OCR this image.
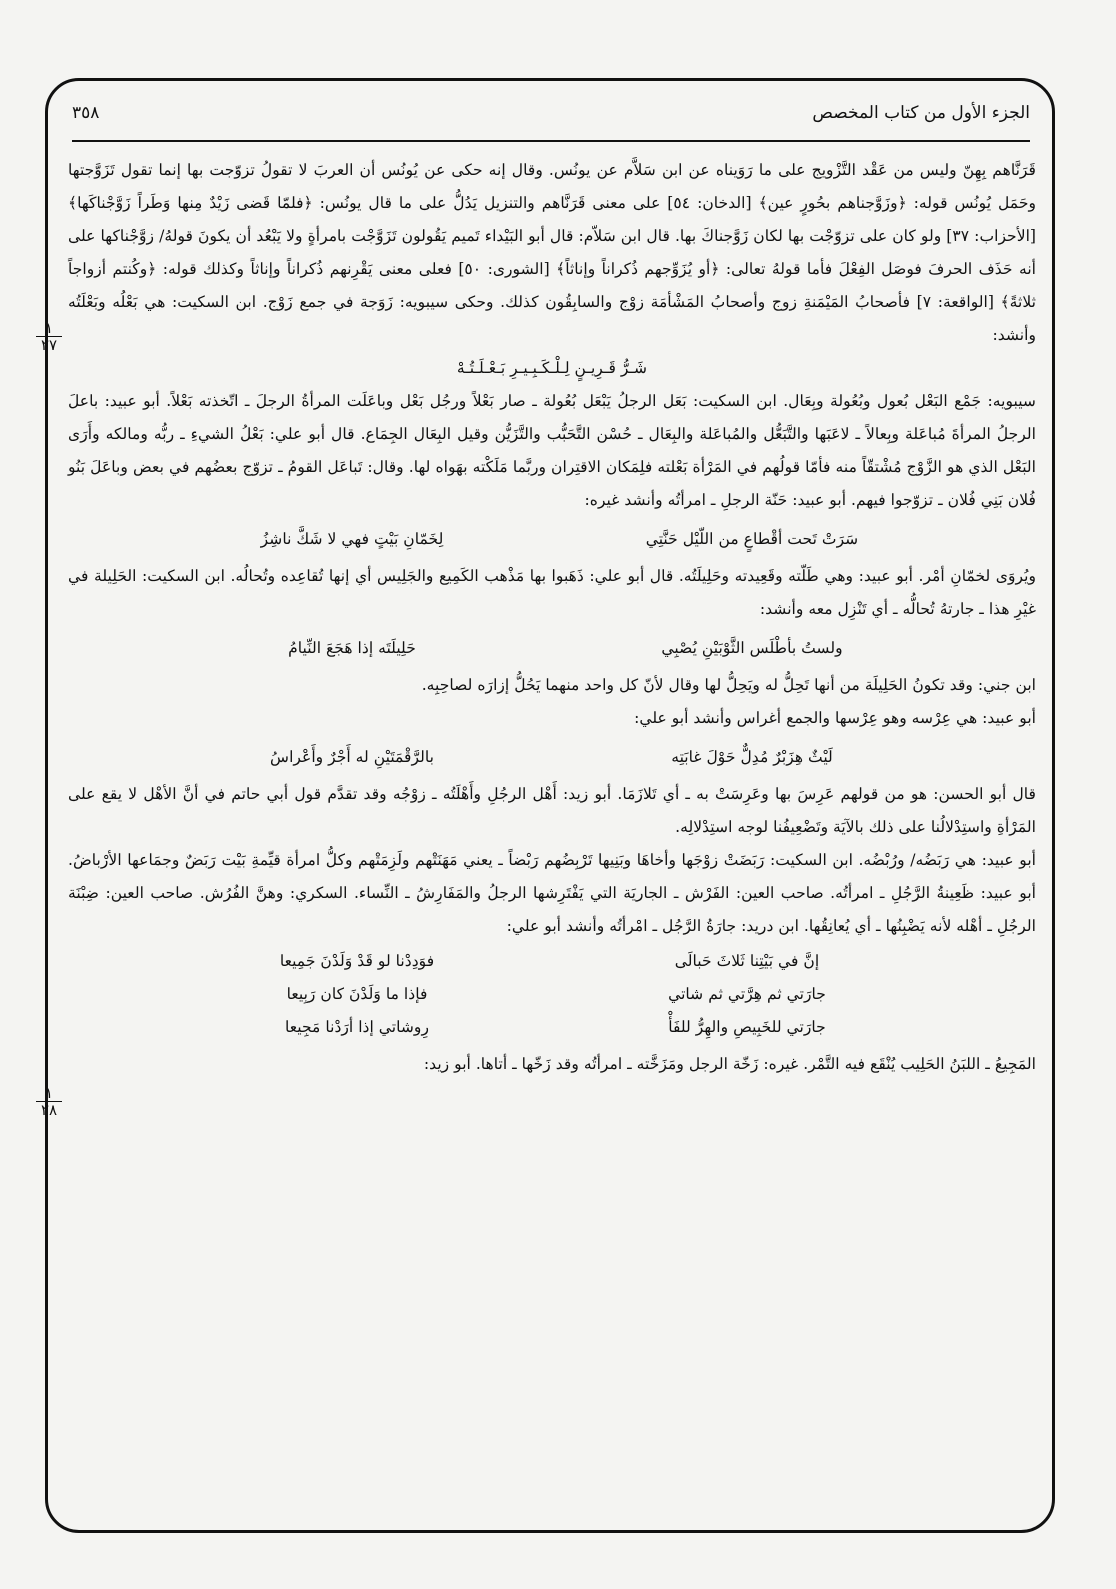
الجزء الأول من كتاب المخصص
٣٥٨
١
٢٧
١
٢٨

قَرَنَّاهم بِهِنّ وليس من عَقْد التَّزْويج على ما رَوَيناه عن ابن سَلاَّم عن يونُس. وقال إنه حكى عن يُونُس أن العربَ لا تقولُ تزوّجت بها إنما تقول تَزَوَّجتها وحَمَل يُونُس قوله: ﴿وزَوَّجناهم بحُورٍ عين﴾ [الدخان: ٥٤] على معنى قَرَنَّاهم والتنزيل يَدُلُّ على ما قال يونُس: ﴿فلمّا قَضى زَيْدٌ مِنها وَطَراً زَوَّجْناكَها﴾ [الأحزاب: ٣٧] ولو كان على تزوّجْت بها لكان زَوَّجناكَ بها. قال ابن سَلاّم: قال أبو البَيْداء تَميم يَقُولون تَزَوَّجْت بامرأةٍ ولا يَبْعُد أن يكونَ قولهُ/ زوَّجْناكها على أنه حَذَف الحرفَ فوصَل الفِعْلَ فأما قولهُ تعالى: ﴿أو يُزَوِّجهم ذُكراناً وإناثاً﴾ [الشورى: ٥٠] فعلى معنى يَقْرِنهم ذُكراناً وإناثاً وكذلك قوله: ﴿وكُنتم أزواجاً ثلاثةً﴾ [الواقعة: ٧] فأصحابُ المَيْمَنةِ زوج وأصحابُ المَشْأمَة زوْج والسابِقُون كذلك. وحكى سيبويه: زَوَجة في جمع زَوْج. ابن السكيت: هي بَعْلُه وبَعْلَتُه وأنشد:

شَـرُّ قَـرِيـنٍ لِـلْـكَـبِـيـرِ بَـعْـلَـتُـهْ

سيبويه: جَمْع البَعْل بُعول وبُعُولة وبِعَال. ابن السكيت: بَعَل الرجلُ يَبْعَل بُعُولة ـ صار بَعْلاً ورجُل بَعْل وباعَلَت المرأةُ الرجلَ ـ اتّخذته بَعْلاً. أبو عبيد: باعلَ الرجلُ المرأةَ مُباعَلة وبِعالاً ـ لاعَبَها والتَّبَعُّل والمُباعَلة والبِعَال ـ حُسْن التَّحَبُّب والتَّزَيُّن وقيل البِعَال الجِمَاع. قال أبو علي: بَعْلُ الشيءِ ـ ربُّه ومالكه وأَرَى البَعْل الذي هو الزَّوْج مُشْتقّاً منه فأمّا قولُهم في المَرْأة بَعْلته فلِمَكان الاقتِران وربَّما مَلَكْته بهَواه لها. وقال: تَباعَل القومُ ـ تزوّج بعضُهم في بعض وباعَلَ بَنُو فُلان بَنِي فُلان ـ تزوّجوا فيهم. أبو عبيد: حَنّة الرجلِ ـ امرأتُه وأنشد غيره:

سَرَتْ تَحت أقْطاعٍ من اللّيْل حَنَّتِي
لِخَمّانِ بَيْتٍ فهي لا شَكَّ ناشِزُ

ويُروَى لخمّانِ أمْر. أبو عبيد: وهي طَلّته وقَعِيدته وحَلِيلَتُه. قال أبو علي: ذَهَبوا بها مَذْهب الكَمِيع والجَلِيس أي إنها تُقاعِده وتُحالُه. ابن السكيت: الحَلِيلة في غيْرِ هذا ـ جارتهُ تُحالُّه ـ أي تَنْزِل معه وأنشد:

ولستُ بأطْلَس الثَّوْبَيْنِ يُصْبِي
حَلِيلَتَه إذا هَجَعَ النِّيامُ

ابن جني: وقد تكونُ الحَلِيلَة من أنها تَحِلُّ له ويَحِلُّ لها وقال لأنّ كل واحد منهما يَحُلُّ إزارَه لصاحِبِه.

أبو عبيد: هي عِرْسه وهو عِرْسها والجمع أغراس وأنشد أبو علي:

لَيْثٌ هِزَبْرٌ مُدِلٌّ حَوْلَ غابَتِه
بالرَّقْمَتَيْنِ له أَجْرٌ وأَعْراسُ

قال أبو الحسن: هو من قولهم عَرِسَ بها وعَرِسَتْ به ـ أي تَلازَمَا. أبو زيد: أَهْل الرجُلِ وأَهْلَتُه ـ زوْجُه وقد تقدَّم قول أبي حاتم في أنَّ الأهْل لا يقع على المَرْأةِ واستِدْلالُنا على ذلك بالآيَة وتَضْعِيفُنا لوجه استِدْلالِه.

أبو عبيد: هي رَبَضُه/ ورُبْضُه. ابن السكيت: رَبَضَتْ زوْجَها وأخاهَا وبَنِيها تَرْبِضُهم رَبْضاً ـ يعني مَهَنَتْهم ولَزِمَتْهم وكلُّ امرأة قيِّمةِ بَيْت رَبَضٌ وجمَاعها الأرْباضُ. أبو عبيد: ظَعِينةُ الرَّجُلِ ـ امرأتُه. صاحب العين: الفَرْش ـ الجاريَة التي يَفْتَرِشها الرجلُ والمَفَارِشُ ـ النِّساء. السكري: وهنَّ الفُرُش. صاحب العين: ضِبْنَة الرجُلِ ـ أهْله لأنه يَضْبِنُها ـ أي يُعانِقُها. ابن دريد: جارَةُ الرَّجُل ـ امْرأتُه وأنشد أبو علي:

إنَّ في بَيْتِنا ثَلاثَ حَبالَى
فوَدِدْنا لو قَدْ وَلَدْنَ جَمِيعا
جارَتي ثم هِرَّتي ثم شاتي
فإذا ما وَلَدْنَ كان رَبِيعا
جارَتي للخَبِيصِ والهِرُّ للفَأْ
رِوشاتي إذا أرَدْنا مَجِيعا

المَجِيعُ ـ اللبَنُ الحَلِيب يُنْقَع فيه التَّمْر. غيره: زَخّة الرجل ومَزَخَّته ـ امرأتُه وقد زَخّها ـ أتاها. أبو زيد:
